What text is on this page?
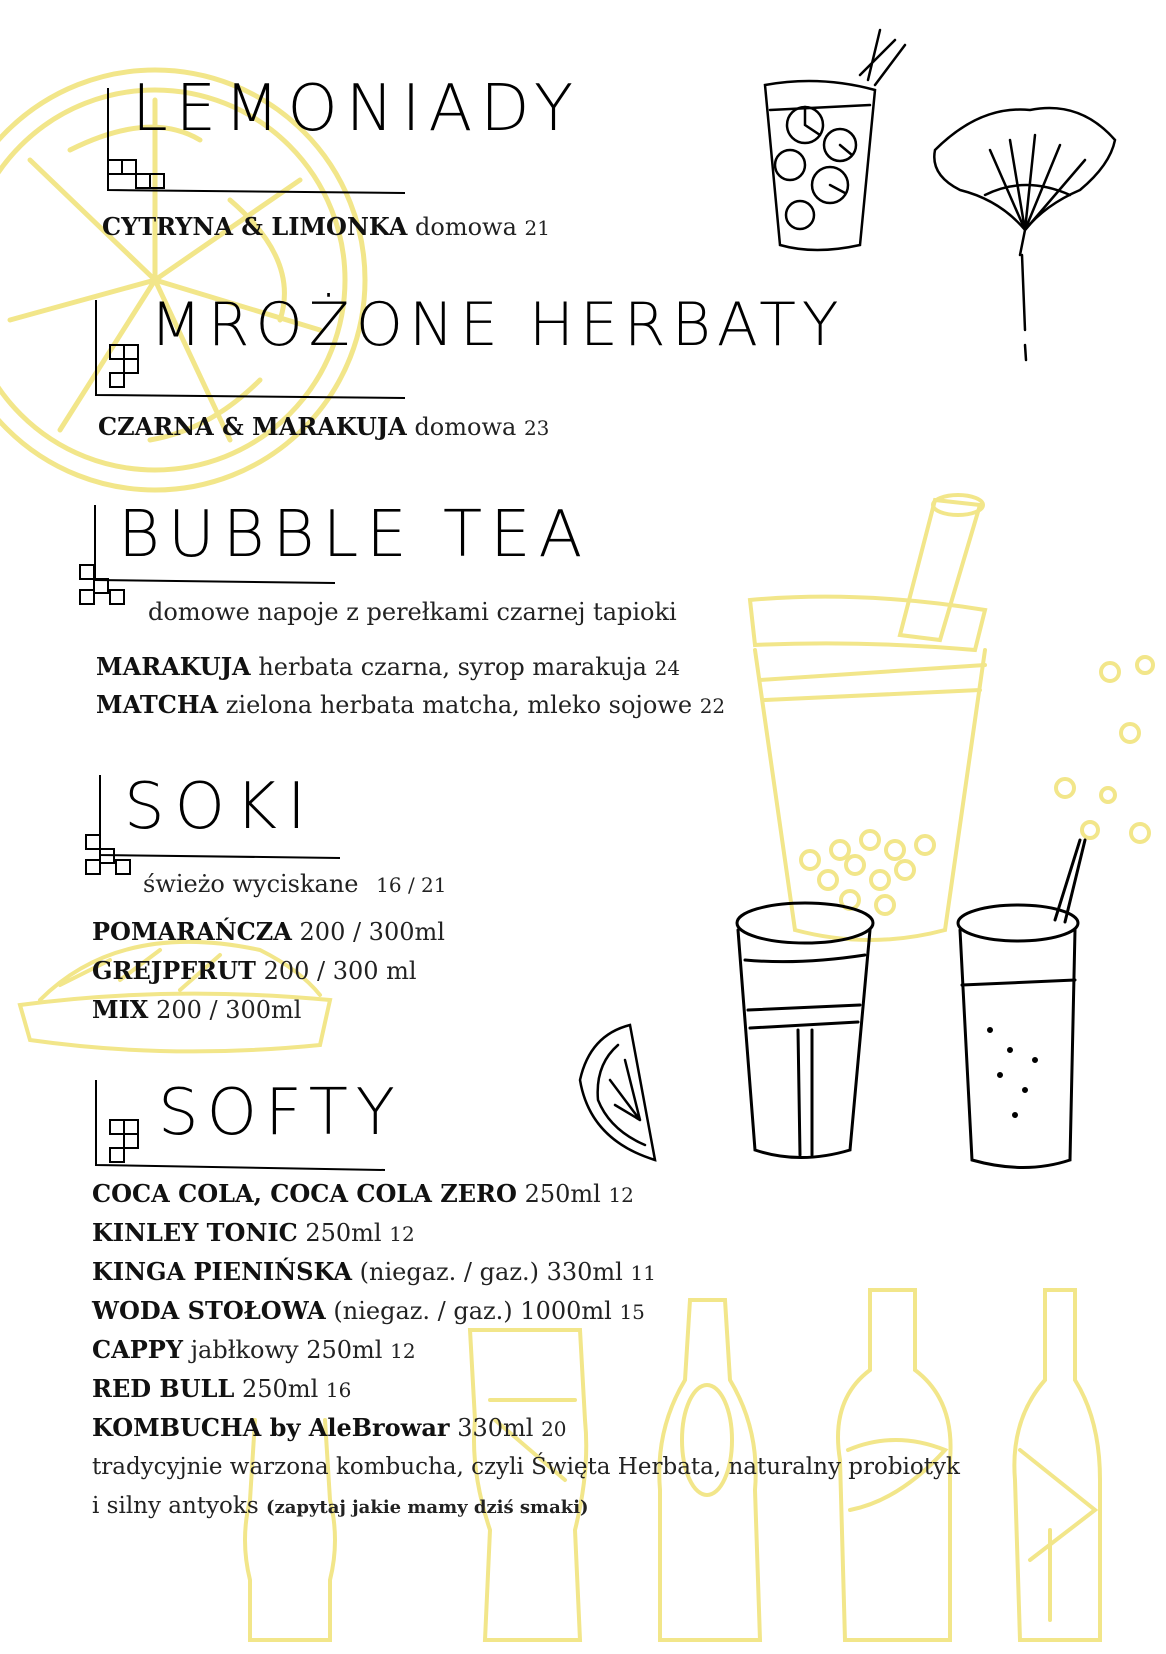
LEMONIADY
CYTRYNA & LIMONKA domowa 21
MROŻONE HERBATY
CZARNA & MARAKUJA domowa 23
BUBBLE TEA
domowe napoje z perełkami czarnej tapioki
MARAKUJA herbata czarna, syrop marakuja 24
MATCHA zielona herbata matcha, mleko sojowe 22
SOKI
świeżo wyciskane 16 / 21
POMARAŃCZA 200 / 300ml
GREJPFRUT 200 / 300 ml
MIX 200 / 300ml
SOFTY
COCA COLA, COCA COLA ZERO 250ml 12
KINLEY TONIC 250ml 12
KINGA PIENIŃSKA (niegaz. / gaz.) 330ml 11
WODA STOŁOWA (niegaz. / gaz.) 1000ml 15
CAPPY jabłkowy 250ml 12
RED BULL 250ml 16
KOMBUCHA by AleBrowar 330ml 20
tradycyjnie warzona kombucha, czyli Święta Herbata, naturalny probiotyk
i silny antyoks (zapytaj jakie mamy dziś smaki)
